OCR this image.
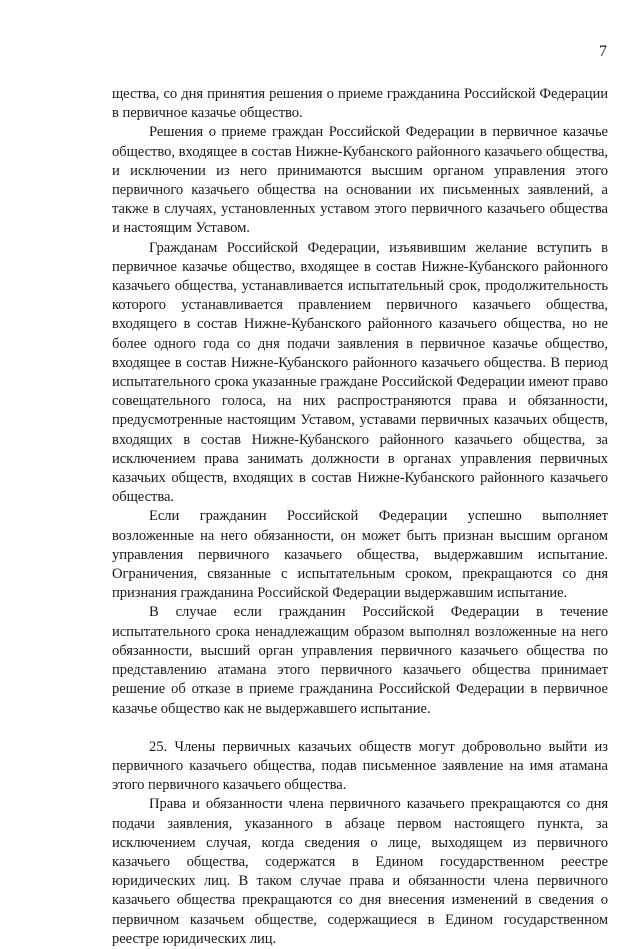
7

щества, со дня принятия решения о приеме гражданина Российской Федерации в первичное казачье общество.

Решения о приеме граждан Российской Федерации в первичное казачье общество, входящее в состав Нижне-Кубанского районного казачьего общества, и исключении из него принимаются высшим органом управления этого первичного казачьего общества на основании их письменных заявлений, а также в случаях, установленных уставом этого первичного казачьего общества и настоящим Уставом.

Гражданам Российской Федерации, изъявившим желание вступить в первичное казачье общество, входящее в состав Нижне-Кубанского районного казачьего общества, устанавливается испытательный срок, продолжительность которого устанавливается правлением первичного казачьего общества, входящего в состав Нижне-Кубанского районного казачьего общества, но не более одного года со дня подачи заявления в первичное казачье общество, входящее в состав Нижне-Кубанского районного казачьего общества. В период испытательного срока указанные граждане Российской Федерации имеют право совещательного голоса, на них распространяются права и обязанности, предусмотренные настоящим Уставом, уставами первичных казачьих обществ, входящих в состав Нижне-Кубанского районного казачьего общества, за исключением права занимать должности в органах управления первичных казачьих обществ, входящих в состав Нижне-Кубанского районного казачьего общества.

Если гражданин Российской Федерации успешно выполняет возложенные на него обязанности, он может быть признан высшим органом управления первичного казачьего общества, выдержавшим испытание. Ограничения, связанные с испытательным сроком, прекращаются со дня признания гражданина Российской Федерации выдержавшим испытание.

В случае если гражданин Российской Федерации в течение испытательного срока ненадлежащим образом выполнял возложенные на него обязанности, высший орган управления первичного казачьего общества по представлению атамана этого первичного казачьего общества принимает решение об отказе в приеме гражданина Российской Федерации в первичное казачье общество как не выдержавшего испытание.

25. Члены первичных казачьих обществ могут добровольно выйти из первичного казачьего общества, подав письменное заявление на имя атамана этого первичного казачьего общества.

Права и обязанности члена первичного казачьего прекращаются со дня подачи заявления, указанного в абзаце первом настоящего пункта, за исключением случая, когда сведения о лице, выходящем из первичного казачьего общества, содержатся в Едином государственном реестре юридических лиц. В таком случае права и обязанности члена первичного казачьего общества прекращаются со дня внесения изменений в сведения о первичном казачьем обществе, содержащиеся в Едином государственном реестре юридических лиц.
